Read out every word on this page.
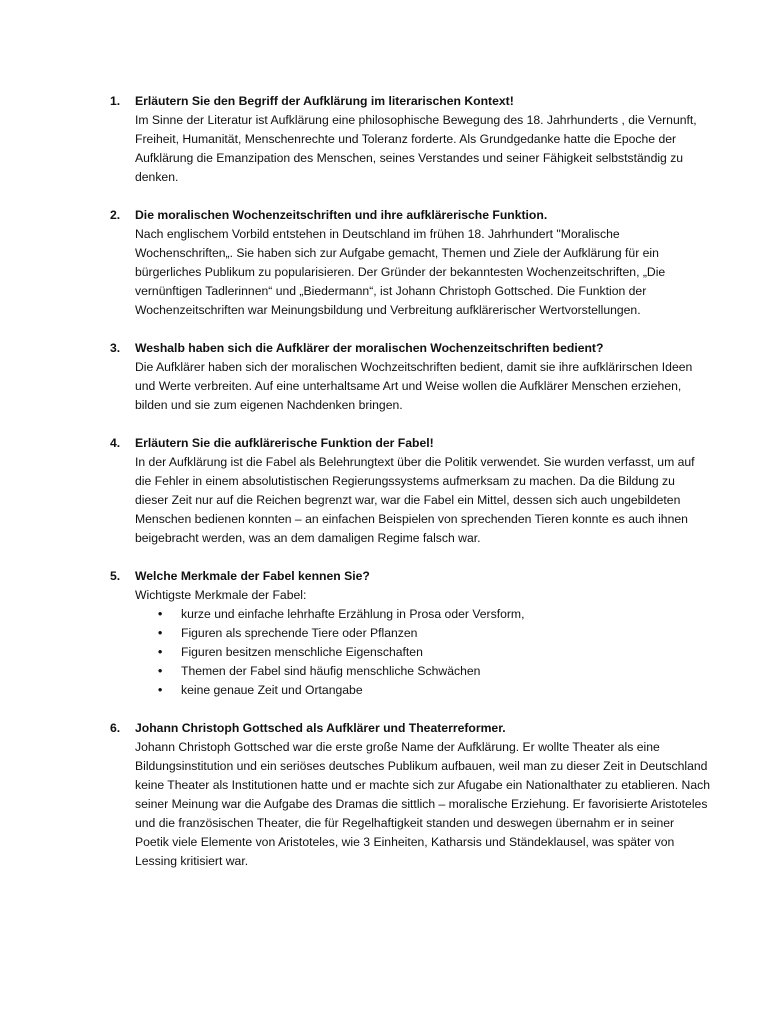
1. Erläutern Sie den Begriff der Aufklärung im literarischen Kontext!
Im Sinne der Literatur ist Aufklärung eine philosophische Bewegung des 18. Jahrhunderts , die Vernunft, Freiheit, Humanität, Menschenrechte und Toleranz forderte. Als Grundgedanke hatte die Epoche der Aufklärung die Emanzipation des Menschen, seines Verstandes und seiner Fähigkeit selbstständig zu denken.
2. Die moralischen Wochenzeitschriften und ihre aufklärerische Funktion.
Nach englischem Vorbild entstehen in Deutschland im frühen 18. Jahrhundert "Moralische Wochenschriften„. Sie haben sich zur Aufgabe gemacht, Themen und Ziele der Aufklärung für ein bürgerliches Publikum zu popularisieren. Der Gründer der bekanntesten Wochenzeitschriften, „Die vernünftigen Tadlerinnen“ und „Biedermann“, ist Johann Christoph Gottsched. Die Funktion der Wochenzeitschriften war Meinungsbildung und Verbreitung aufklärerischer Wertvorstellungen.
3. Weshalb haben sich die Aufklärer der moralischen Wochenzeitschriften bedient?
Die Aufklärer haben sich der moralischen Wochzeitschriften bedient, damit sie ihre aufklärirschen Ideen und Werte verbreiten. Auf eine unterhaltsame Art und Weise wollen die Aufklärer Menschen erziehen, bilden und sie zum eigenen Nachdenken bringen.
4. Erläutern Sie die aufklärerische Funktion der Fabel!
In der Aufklärung ist die Fabel als Belehrungtext über die Politik verwendet. Sie wurden verfasst, um auf die Fehler in einem absolutistischen Regierungssystems aufmerksam zu machen. Da die Bildung zu dieser Zeit nur auf die Reichen begrenzt war, war die Fabel ein Mittel, dessen sich auch ungebildeten Menschen bedienen konnten – an einfachen Beispielen von sprechenden Tieren konnte es auch ihnen beigebracht werden, was an dem damaligen Regime falsch war.
5. Welche Merkmale der Fabel kennen Sie?
Wichtigste Merkmale der Fabel:
• kurze und einfache lehrhafte Erzählung in Prosa oder Versform,
• Figuren als sprechende Tiere oder Pflanzen
• Figuren besitzen menschliche Eigenschaften
• Themen der Fabel sind häufig menschliche Schwächen
• keine genaue Zeit und Ortangabe
6. Johann Christoph Gottsched als Aufklärer und Theaterreformer.
Johann Christoph Gottsched war die erste große Name der Aufklärung. Er wollte Theater als eine Bildungsinstitution und ein seriöses deutsches Publikum aufbauen, weil man zu dieser Zeit in Deutschland keine Theater als Institutionen hatte und er machte sich zur Afugabe ein Nationalthater zu etablieren. Nach seiner Meinung war die Aufgabe des Dramas die sittlich – moralische Erziehung. Er favorisierte Aristoteles und die französischen Theater, die für Regelhaftigkeit standen und deswegen übernahm er in seiner Poetik viele Elemente von Aristoteles, wie 3 Einheiten, Katharsis und Ständeklausel, was später von Lessing kritisiert war.
